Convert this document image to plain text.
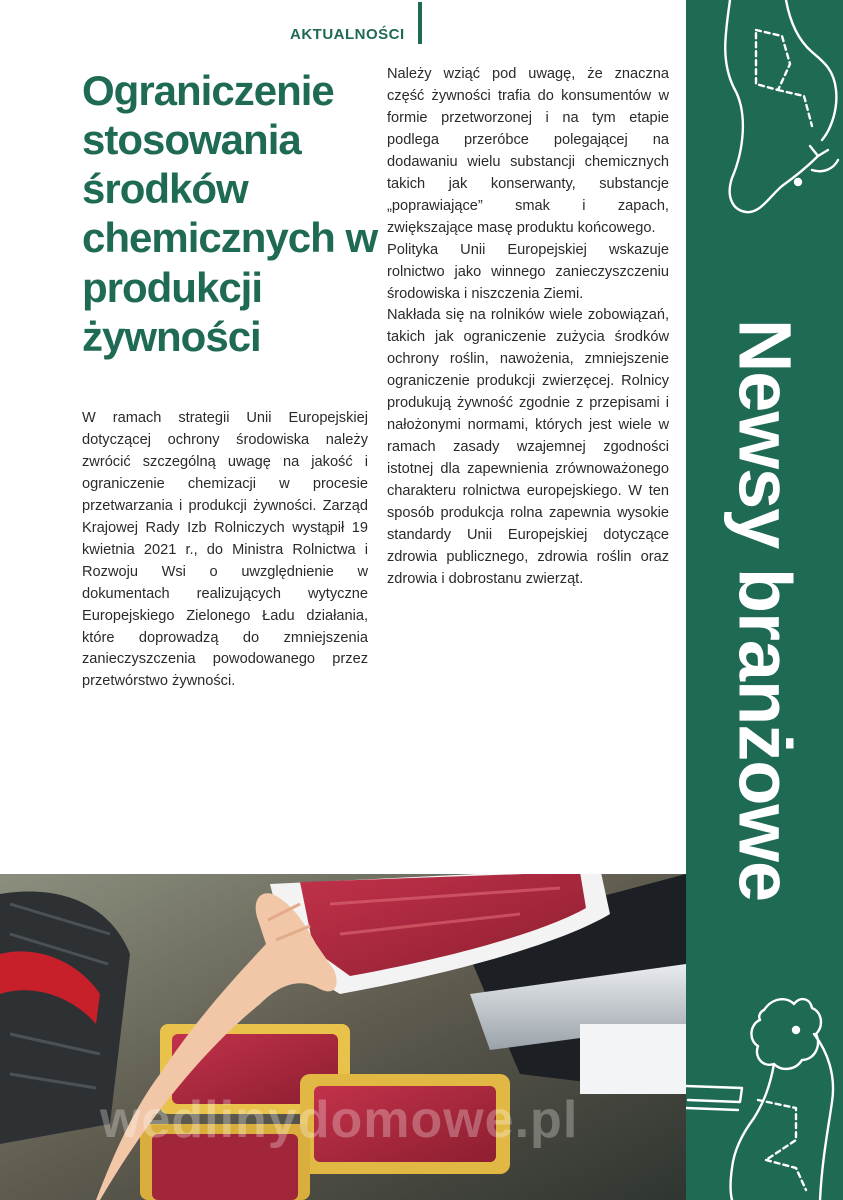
AKTUALNOŚCI
Ograniczenie stosowania środków chemicznych w produkcji żywności

W ramach strategii Unii Europejskiej dotyczącej ochrony środowiska należy zwrócić szczególną uwagę na jakość i ograniczenie chemizacji w procesie przetwarzania i produkcji żywności. Zarząd Krajowej Rady Izb Rolniczych wystąpił 19 kwietnia 2021 r., do Ministra Rolnictwa i Rozwoju Wsi o uwzględnienie w dokumentach realizujących wytyczne Europejskiego Zielonego Ładu działania, które doprowadzą do zmniejszenia zanieczyszczenia powodowanego przez przetwórstwo żywności.

Należy wziąć pod uwagę, że znaczna część żywności trafia do konsumentów w formie przetworzonej i na tym etapie podlega przeróbce polegającej na dodawaniu wielu substancji chemicznych takich jak konserwanty, substancje „poprawiające” smak i zapach, zwiększające masę produktu końcowego.

Polityka Unii Europejskiej wskazuje rolnictwo jako winnego zanieczyszczeniu środowiska i niszczenia Ziemi.

Nakłada się na rolników wiele zobowiązań, takich jak ograniczenie zużycia środków ochrony roślin, nawożenia, zmniejszenie ograniczenie produkcji zwierzęcej. Rolnicy produkują żywność zgodnie z przepisami i nałożonymi normami, których jest wiele w ramach zasady wzajemnej zgodności istotnej dla zapewnienia zrównoważonego charakteru rolnictwa europejskiego. W ten sposób produkcja rolna zapewnia wysokie standardy Unii Europejskiej dotyczące zdrowia publicznego, zdrowia roślin oraz zdrowia i dobrostanu zwierząt.	Newsy branżowe
wedlinydomowe.pl
